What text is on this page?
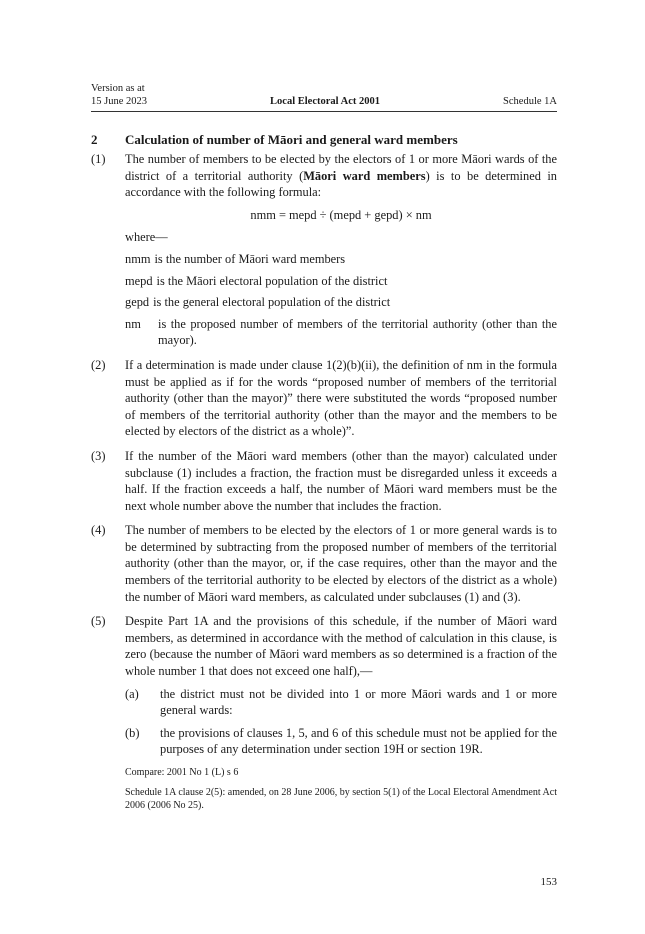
Version as at
15 June 2023	Local Electoral Act 2001	Schedule 1A
2 Calculation of number of Māori and general ward members
(1) The number of members to be elected by the electors of 1 or more Māori wards of the district of a territorial authority (Māori ward members) is to be determined in accordance with the following formula:
nmm = mepd ÷ (mepd + gepd) × nm
where—
nmm is the number of Māori ward members
mepd is the Māori electoral population of the district
gepd is the general electoral population of the district
nm	is the proposed number of members of the territorial authority (other than the mayor).
(2) If a determination is made under clause 1(2)(b)(ii), the definition of nm in the formula must be applied as if for the words “proposed number of members of the territorial authority (other than the mayor)” there were substituted the words “proposed number of members of the territorial authority (other than the mayor and the members to be elected by electors of the district as a whole)”.
(3) If the number of the Māori ward members (other than the mayor) calculated under subclause (1) includes a fraction, the fraction must be disregarded unless it exceeds a half. If the fraction exceeds a half, the number of Māori ward members must be the next whole number above the number that includes the fraction.
(4) The number of members to be elected by the electors of 1 or more general wards is to be determined by subtracting from the proposed number of members of the territorial authority (other than the mayor, or, if the case requires, other than the mayor and the members of the territorial authority to be elected by electors of the district as a whole) the number of Māori ward members, as calculated under subclauses (1) and (3).
(5) Despite Part 1A and the provisions of this schedule, if the number of Māori ward members, as determined in accordance with the method of calculation in this clause, is zero (because the number of Māori ward members as so determined is a fraction of the whole number 1 that does not exceed one half),—
(a)	the district must not be divided into 1 or more Māori wards and 1 or more general wards:
(b)	the provisions of clauses 1, 5, and 6 of this schedule must not be applied for the purposes of any determination under section 19H or section 19R.
Compare: 2001 No 1 (L) s 6
Schedule 1A clause 2(5): amended, on 28 June 2006, by section 5(1) of the Local Electoral Amendment Act 2006 (2006 No 25).
153
